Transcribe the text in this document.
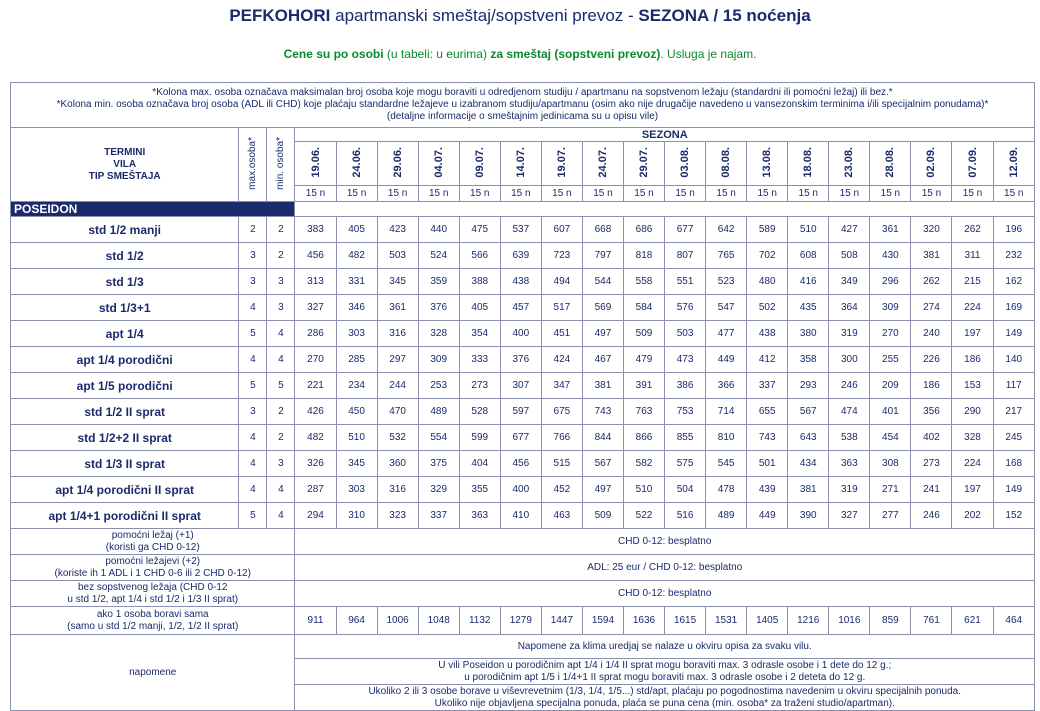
PEFKOHORI apartmanski smeštaj/sopstveni prevoz - SEZONA / 15 noćenja
Cene su po osobi (u tabeli: u eurima) za smeštaj (sopstveni prevoz). Usluga je najam.
*Kolona max. osoba označava maksimalan broj osoba koje mogu boraviti u odredjenom studiju / apartmanu na sopstvenom ležaju (standardni ili pomoćni ležaj) ili bez.*
*Kolona min. osoba označava broj osoba (ADL ili CHD) koje plaćaju standardne ležajeve u izabranom studiju/apartmanu (osim ako nije drugačije navedeno u vansezonskim terminima i/ili specijalnim ponudama)*
(detaljne informacije o smeštajnim jedinicama su u opisu vile)																				

TERMINI
VILA
TIP SMEŠTAJA	max.osoba*	min. osoba*	SEZONA																	
			19.06.	24.06.	29.06.	04.07.	09.07.	14.07.	19.07.	24.07.	29.07.	03.08.	08.08.	13.08.	18.08.	23.08.	28.08.	02.09.	07.09.	12.09.
			15 n	15 n	15 n	15 n	15 n	15 n	15 n	15 n	15 n	15 n	15 n	15 n	15 n	15 n	15 n	15 n	15 n	15 n
POSEIDON																				
std 1/2 manji	2	2	383	405	423	440	475	537	607	668	686	677	642	589	510	427	361	320	262	196
std 1/2	3	2	456	482	503	524	566	639	723	797	818	807	765	702	608	508	430	381	311	232
std 1/3	3	3	313	331	345	359	388	438	494	544	558	551	523	480	416	349	296	262	215	162
std 1/3+1	4	3	327	346	361	376	405	457	517	569	584	576	547	502	435	364	309	274	224	169
apt 1/4	5	4	286	303	316	328	354	400	451	497	509	503	477	438	380	319	270	240	197	149
apt 1/4 porodični	4	4	270	285	297	309	333	376	424	467	479	473	449	412	358	300	255	226	186	140
apt 1/5 porodični	5	5	221	234	244	253	273	307	347	381	391	386	366	337	293	246	209	186	153	117
std 1/2 II sprat	3	2	426	450	470	489	528	597	675	743	763	753	714	655	567	474	401	356	290	217
std 1/2+2 II sprat	4	2	482	510	532	554	599	677	766	844	866	855	810	743	643	538	454	402	328	245
std 1/3 II sprat	4	3	326	345	360	375	404	456	515	567	582	575	545	501	434	363	308	273	224	168
apt 1/4 porodični II sprat	4	4	287	303	316	329	355	400	452	497	510	504	478	439	381	319	271	241	197	149
apt 1/4+1 porodični II sprat	5	4	294	310	323	337	363	410	463	509	522	516	489	449	390	327	277	246	202	152

pomoćni ležaj (+1)
(koristi ga CHD 0-12)			CHD 0-12: besplatno																	

pomoćni ležajevi (+2)
(koriste ih 1 ADL i 1 CHD 0-6 ili 2 CHD 0-12)			ADL: 25 eur / CHD 0-12: besplatno																	

bez sopstvenog ležaja (CHD 0-12
u std 1/2, apt 1/4 i std 1/2 i 1/3 II sprat)			CHD 0-12: besplatno																	

ako 1 osoba boravi sama
(samo u std 1/2 manji, 1/2, 1/2 II sprat)			911	964	1006	1048	1132	1279	1447	1594	1636	1615	1531	1405	1216	1016	859	761	621	464
napomene			Napomene za klima uredjaj se nalaze u okviru opisa za svaku vilu.																	

			U vili Poseidon u porodičnim apt 1/4 i 1/4 II sprat mogu boraviti max. 3 odrasle osobe i 1 dete do 12 g.;
u porodičnim apt 1/5 i 1/4+1 II sprat mogu boraviti max. 3 odrasle osobe i 2 deteta do 12 g.																	

			Ukoliko 2 ili 3 osobe borave u viševrevetnim (1/3, 1/4, 1/5...) std/apt, plaćaju po pogodnostima navedenim u okviru specijalnih ponuda.
Ukoliko nije objavljena specijalna ponuda, plaća se puna cena (min. osoba* za traženi studio/apartman).																	
